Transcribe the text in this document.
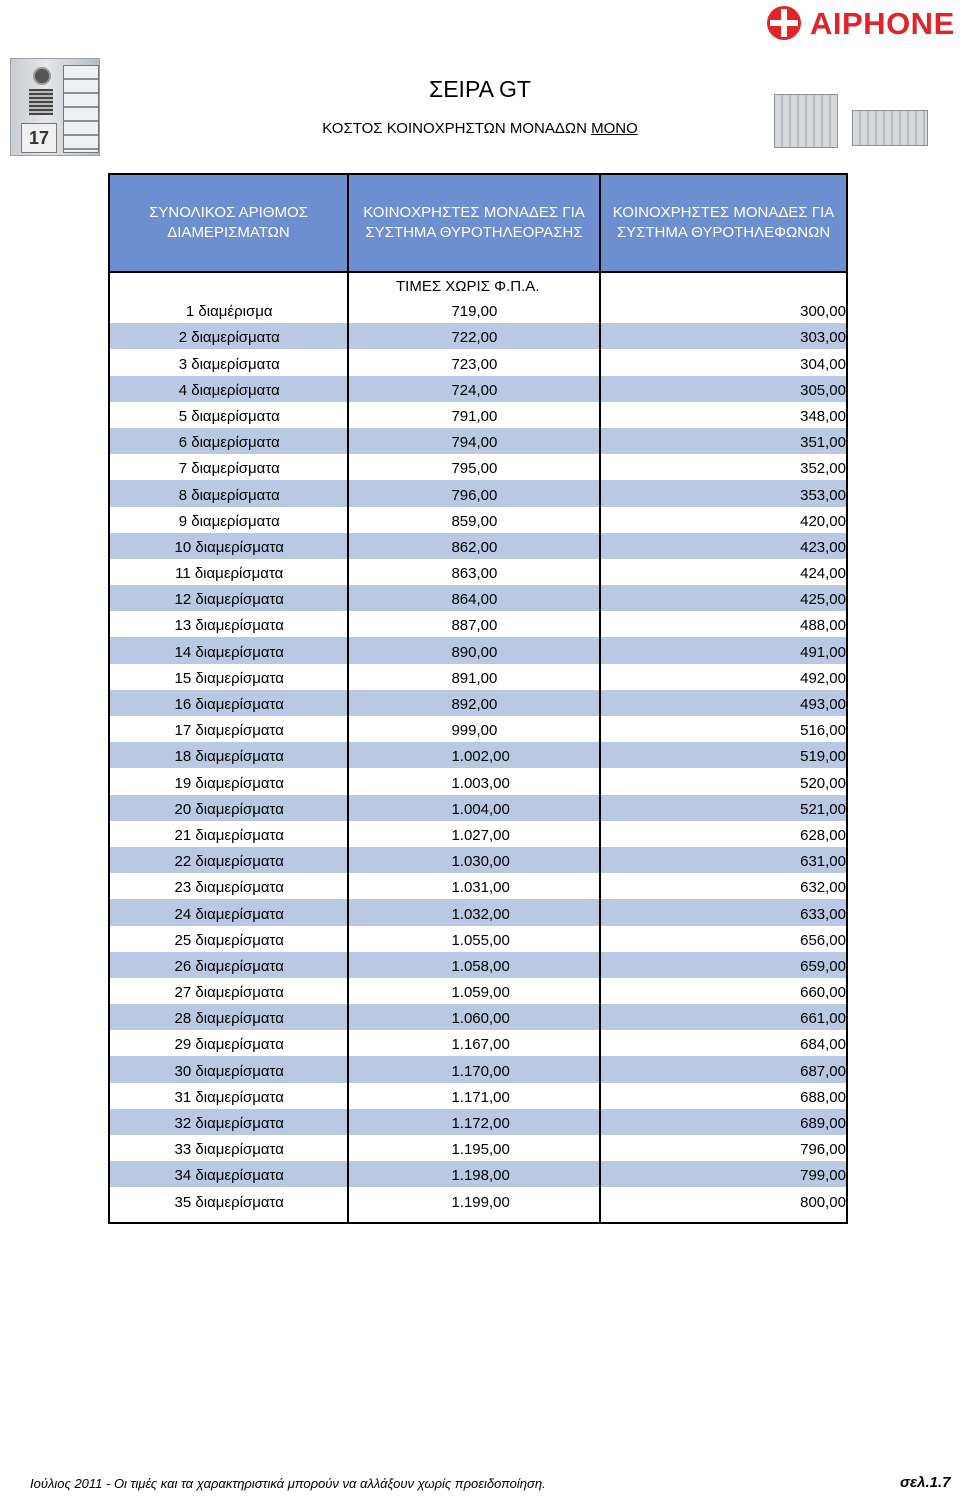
17
AIPHONE
ΣΕΙΡΑ GT
ΚΟΣΤΟΣ ΚΟΙΝΟΧΡΗΣΤΩΝ ΜΟΝΑΔΩΝ ΜΟΝΟ
ΣΥΝΟΛΙΚΟΣ ΑΡΙΘΜΟΣ
ΔΙΑΜΕΡΙΣΜΑΤΩΝ
ΚΟΙΝΟΧΡΗΣΤΕΣ ΜΟΝΑΔΕΣ ΓΙΑ
ΣΥΣΤΗΜΑ ΘΥΡΟΤΗΛΕΟΡΑΣΗΣ
ΚΟΙΝΟΧΡΗΣΤΕΣ ΜΟΝΑΔΕΣ ΓΙΑ
ΣΥΣΤΗΜΑ ΘΥΡΟΤΗΛΕΦΩΝΩΝ
ΤΙΜΕΣ ΧΩΡΙΣ Φ.Π.Α.
1 διαμέρισμα	719,00	300,00
2 διαμερίσματα	722,00	303,00
3 διαμερίσματα	723,00	304,00
4 διαμερίσματα	724,00	305,00
5 διαμερίσματα	791,00	348,00
6 διαμερίσματα	794,00	351,00
7 διαμερίσματα	795,00	352,00
8 διαμερίσματα	796,00	353,00
9 διαμερίσματα	859,00	420,00
10 διαμερίσματα	862,00	423,00
11 διαμερίσματα	863,00	424,00
12 διαμερίσματα	864,00	425,00
13 διαμερίσματα	887,00	488,00
14 διαμερίσματα	890,00	491,00
15 διαμερίσματα	891,00	492,00
16 διαμερίσματα	892,00	493,00
17 διαμερίσματα	999,00	516,00
18 διαμερίσματα	1.002,00	519,00
19 διαμερίσματα	1.003,00	520,00
20 διαμερίσματα	1.004,00	521,00
21 διαμερίσματα	1.027,00	628,00
22 διαμερίσματα	1.030,00	631,00
23 διαμερίσματα	1.031,00	632,00
24 διαμερίσματα	1.032,00	633,00
25 διαμερίσματα	1.055,00	656,00
26 διαμερίσματα	1.058,00	659,00
27 διαμερίσματα	1.059,00	660,00
28 διαμερίσματα	1.060,00	661,00
29 διαμερίσματα	1.167,00	684,00
30 διαμερίσματα	1.170,00	687,00
31 διαμερίσματα	1.171,00	688,00
32 διαμερίσματα	1.172,00	689,00
33 διαμερίσματα	1.195,00	796,00
34 διαμερίσματα	1.198,00	799,00
35 διαμερίσματα	1.199,00	800,00
Ιούλιος 2011 - Οι τιμές και τα χαρακτηριστικά μπορούν να αλλάξουν χωρίς προειδοποίηση.	σελ.1.7
